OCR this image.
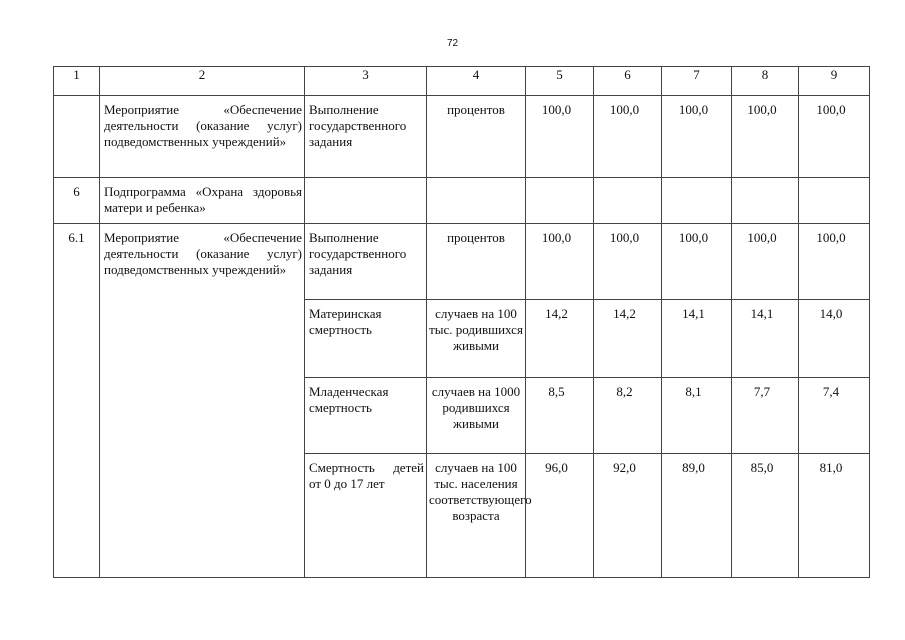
72
1	2	3	4	5	6	7	8	9
	Мероприятие «Обеспечение деятельности (оказание услуг) подведомственных учреждений»	Выполнение государственного задания	процентов	100,0	100,0	100,0	100,0	100,0
6	Подпрограмма «Охрана здоровья матери и ребенка»							
6.1	Мероприятие «Обеспечение деятельности (оказание услуг) подведомственных учреждений»	Выполнение государственного задания	процентов	100,0	100,0	100,0	100,0	100,0
		Материнская смертность	случаев на 100 тыс. родившихся живыми	14,2	14,2	14,1	14,1	14,0
		Младенческая смертность	случаев на 1000 родившихся живыми	8,5	8,2	8,1	7,7	7,4
		Смертность детей от 0 до 17 лет	случаев на 100 тыс. населения соответствующего возраста	96,0	92,0	89,0	85,0	81,0
